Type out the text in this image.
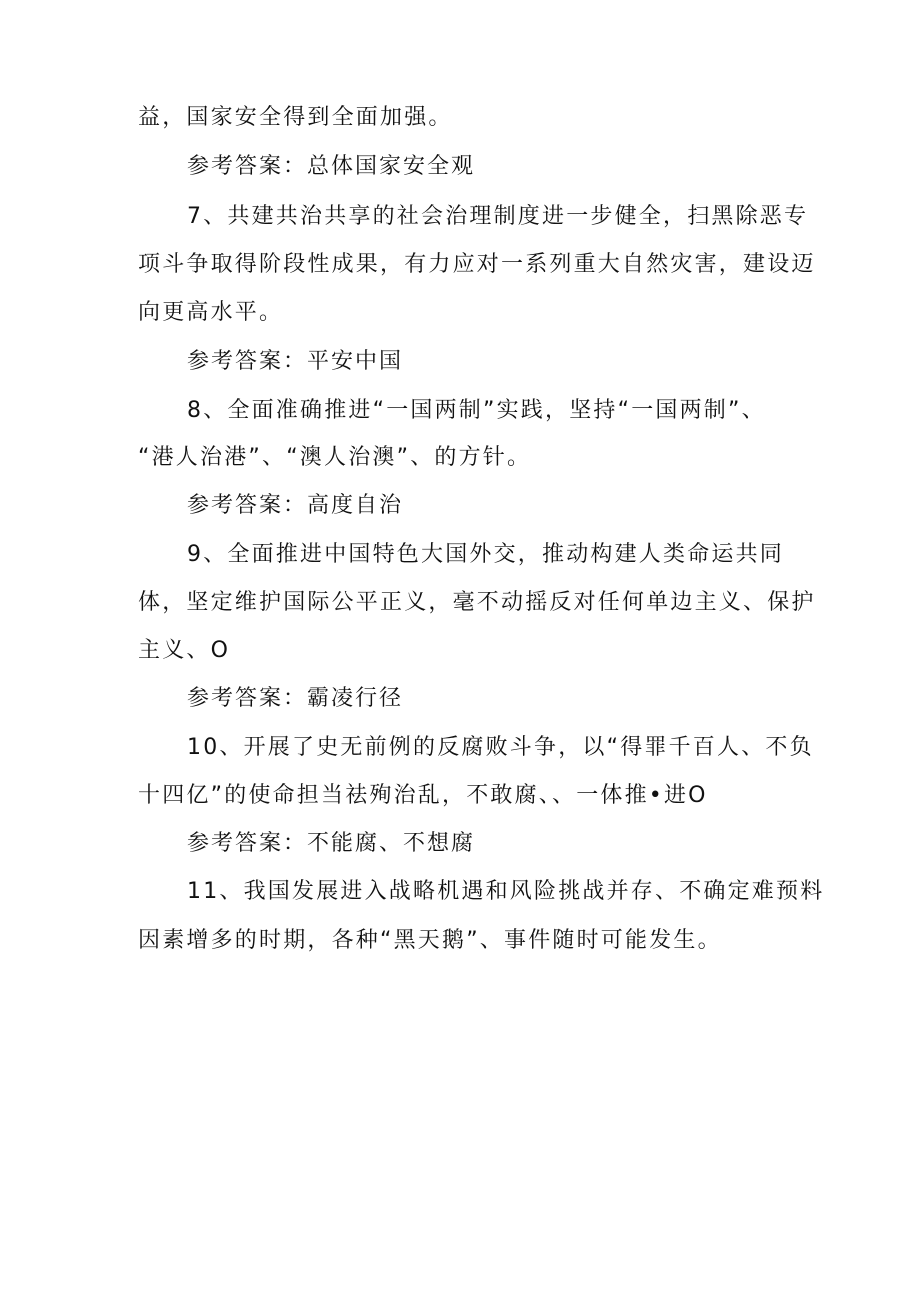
益，国家安全得到全面加强。
参考答案：总体国家安全观
7、共建共治共享的社会治理制度进一步健全，扫黑除恶专
项斗争取得阶段性成果，有力应对一系列重大自然灾害，建设迈
向更高水平。
参考答案：平安中国
8、全面准确推进“一国两制”实践，坚持“一国两制”、
“港人治港”、“澳人治澳”、的方针。
参考答案：高度自治
9、全面推进中国特色大国外交，推动构建人类命运共同
体，坚定维护国际公平正义，毫不动摇反对任何单边主义、保护
主义、O
参考答案：霸凌行径
10、开展了史无前例的反腐败斗争，以“得罪千百人、不负
十四亿”的使命担当祛殉治乱，不敢腐、、一体推•进O
参考答案：不能腐、不想腐
11、我国发展进入战略机遇和风险挑战并存、不确定难预料
因素增多的时期，各种“黑天鹅”、事件随时可能发生。
